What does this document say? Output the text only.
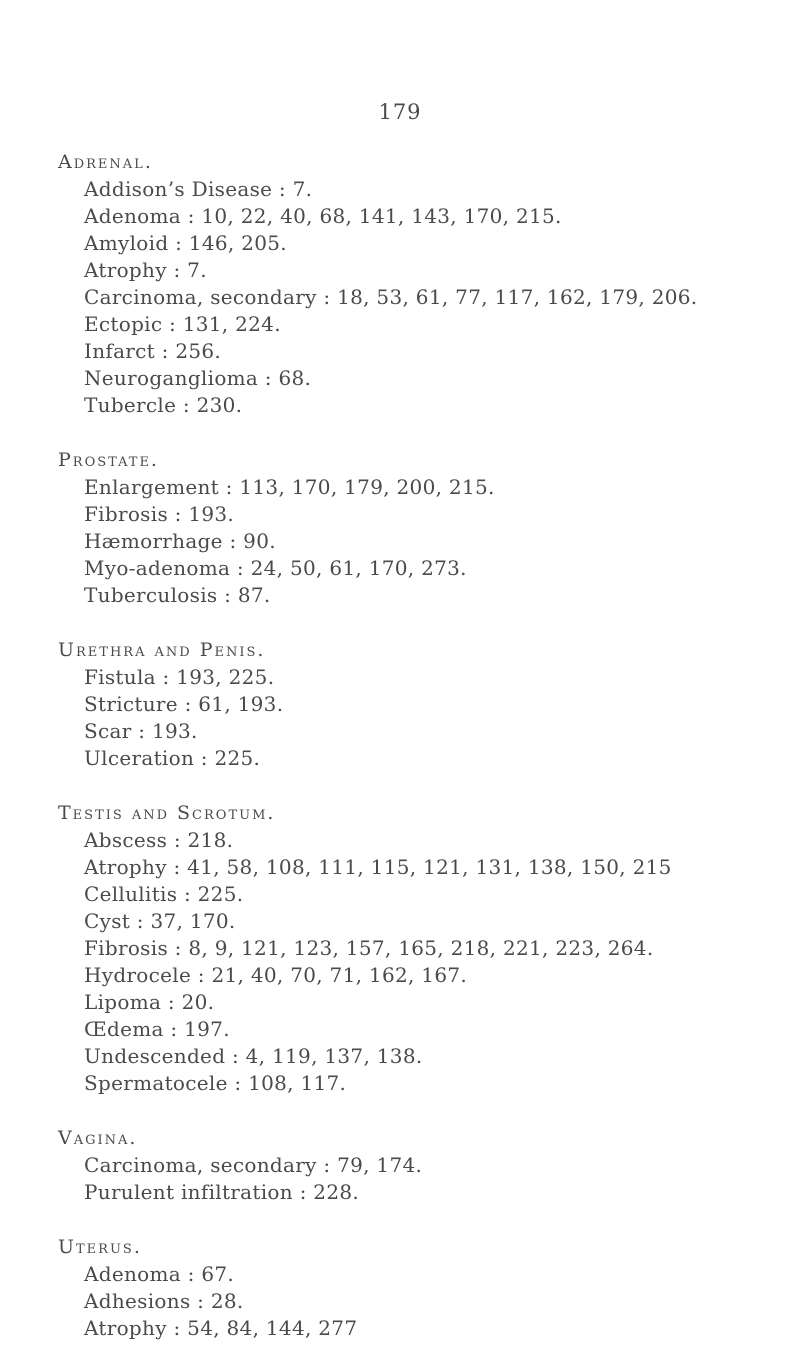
179
Adrenal.
Addison’s Disease : 7.
Adenoma : 10, 22, 40, 68, 141, 143, 170, 215.
Amyloid : 146, 205.
Atrophy : 7.
Carcinoma, secondary : 18, 53, 61, 77, 117, 162, 179, 206.
Ectopic : 131, 224.
Infarct : 256.
Neuroganglioma : 68.
Tubercle : 230.
Prostate.
Enlargement : 113, 170, 179, 200, 215.
Fibrosis : 193.
Hæmorrhage : 90.
Myo-adenoma : 24, 50, 61, 170, 273.
Tuberculosis : 87.
Urethra and Penis.
Fistula : 193, 225.
Stricture : 61, 193.
Scar : 193.
Ulceration : 225.
Testis and Scrotum.
Abscess : 218.
Atrophy : 41, 58, 108, 111, 115, 121, 131, 138, 150, 215
Cellulitis : 225.
Cyst : 37, 170.
Fibrosis : 8, 9, 121, 123, 157, 165, 218, 221, 223, 264.
Hydrocele : 21, 40, 70, 71, 162, 167.
Lipoma : 20.
Œdema : 197.
Undescended : 4, 119, 137, 138.
Spermatocele : 108, 117.
Vagina.
Carcinoma, secondary : 79, 174.
Purulent infiltration : 228.
Uterus.
Adenoma : 67.
Adhesions : 28.
Atrophy : 54, 84, 144, 277
